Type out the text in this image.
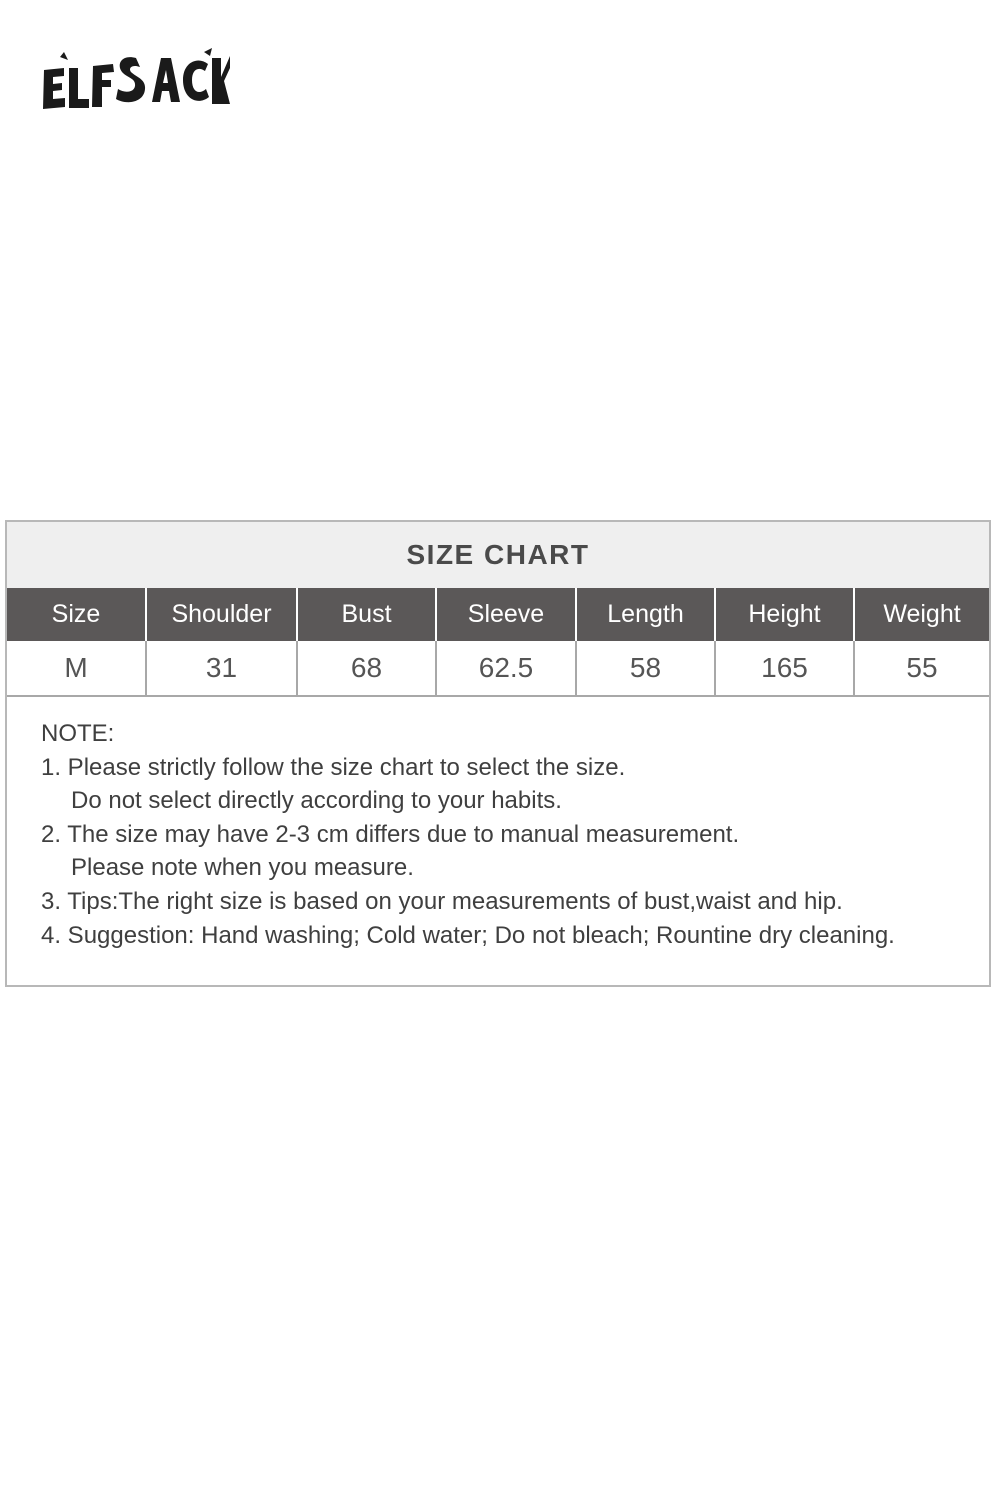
SIZE CHART
Size	Shoulder	Bust	Sleeve	Length	Height	Weight
M	31	68	62.5	58	165	55
NOTE:
1. Please strictly follow the size chart to select the size.
Do not select directly according to your habits.
2. The size may have 2-3 cm differs due to manual measurement.
Please note when you measure.
3. Tips:The right size is based on your measurements of bust,waist and hip.
4. Suggestion: Hand washing; Cold water; Do not bleach; Rountine dry cleaning.
